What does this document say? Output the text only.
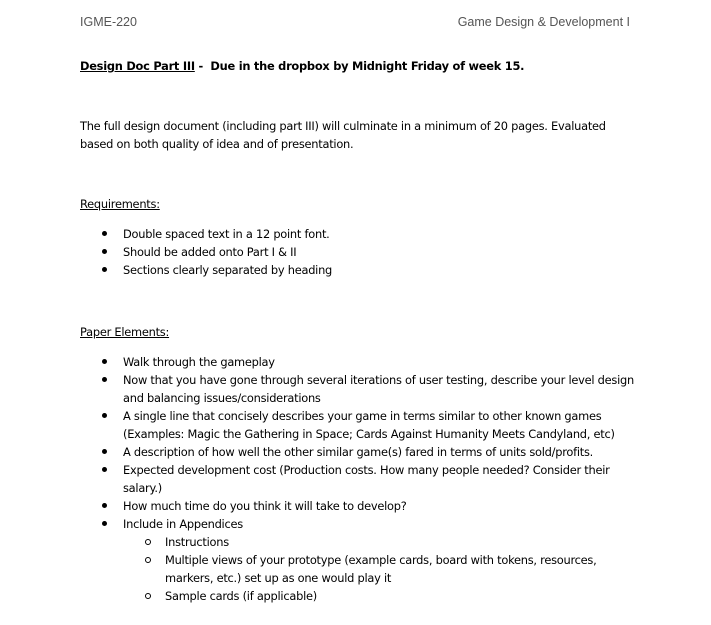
IGME-220	Game Design & Development I
Design Doc Part III -  Due in the dropbox by Midnight Friday of week 15.
The full design document (including part III) will culminate in a minimum of 20 pages. Evaluated based on both quality of idea and of presentation.
Requirements:
Double spaced text in a 12 point font.
Should be added onto Part I & II
Sections clearly separated by heading
Paper Elements:
Walk through the gameplay
Now that you have gone through several iterations of user testing, describe your level design and balancing issues/considerations
A single line that concisely describes your game in terms similar to other known games (Examples: Magic the Gathering in Space; Cards Against Humanity Meets Candyland, etc)
A description of how well the other similar game(s) fared in terms of units sold/profits.
Expected development cost (Production costs. How many people needed? Consider their salary.)
How much time do you think it will take to develop?
Include in Appendices
Instructions
Multiple views of your prototype (example cards, board with tokens, resources, markers, etc.) set up as one would play it
Sample cards (if applicable)
